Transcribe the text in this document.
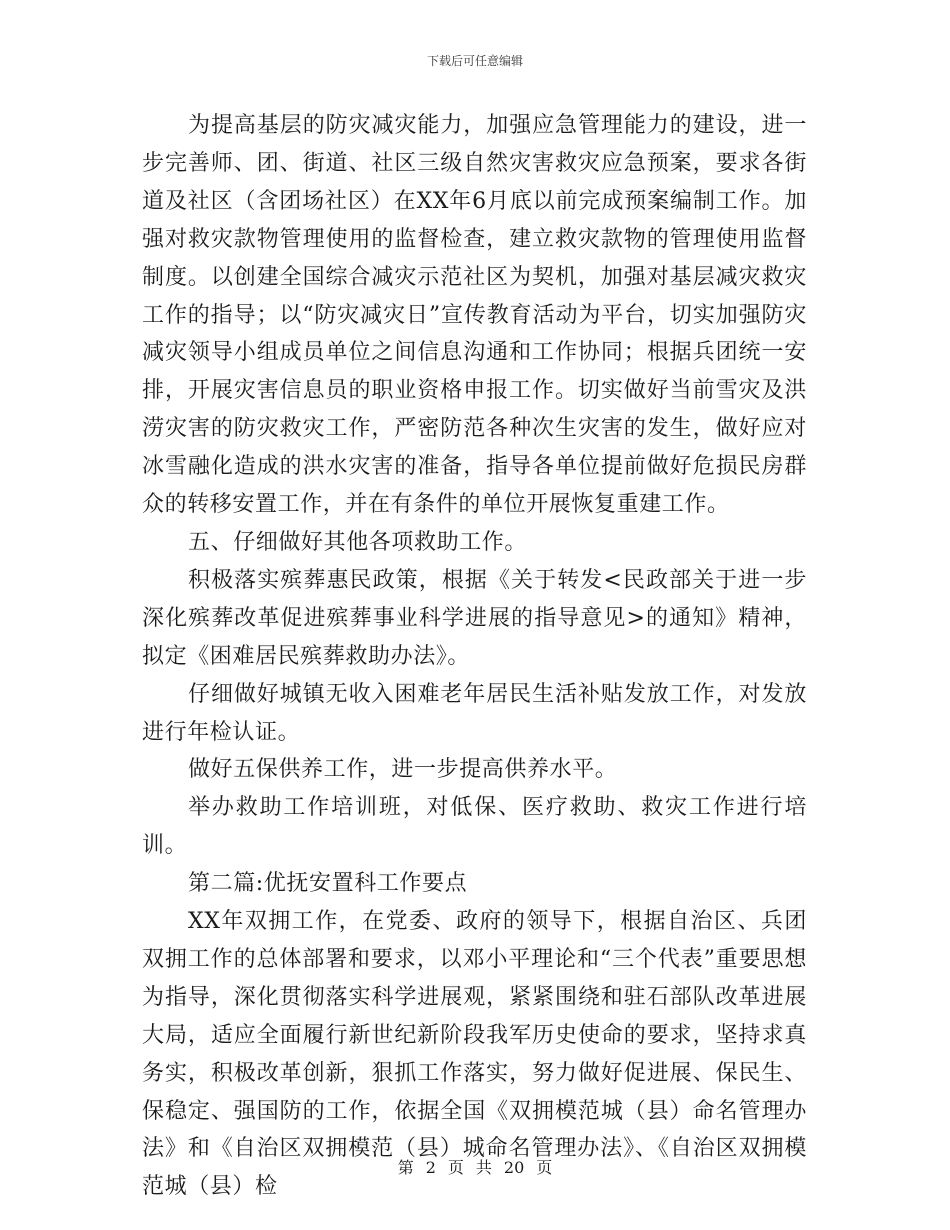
下载后可任意编辑

为提高基层的防灾减灾能力，加强应急管理能力的建设，进一步完善师、团、街道、社区三级自然灾害救灾应急预案，要求各街道及社区（含团场社区）在XX年6月底以前完成预案编制工作。加强对救灾款物管理使用的监督检查，建立救灾款物的管理使用监督制度。以创建全国综合减灾示范社区为契机，加强对基层减灾救灾工作的指导；以“防灾减灾日”宣传教育活动为平台，切实加强防灾减灾领导小组成员单位之间信息沟通和工作协同；根据兵团统一安排，开展灾害信息员的职业资格申报工作。切实做好当前雪灾及洪涝灾害的防灾救灾工作，严密防范各种次生灾害的发生，做好应对冰雪融化造成的洪水灾害的准备，指导各单位提前做好危损民房群众的转移安置工作，并在有条件的单位开展恢复重建工作。

五、仔细做好其他各项救助工作。

积极落实殡葬惠民政策，根据《关于转发<民政部关于进一步深化殡葬改革促进殡葬事业科学进展的指导意见>的通知》精神，拟定《困难居民殡葬救助办法》。

仔细做好城镇无收入困难老年居民生活补贴发放工作，对发放进行年检认证。

做好五保供养工作，进一步提高供养水平。

举办救助工作培训班，对低保、医疗救助、救灾工作进行培训。

第二篇:优抚安置科工作要点

XX年双拥工作，在党委、政府的领导下，根据自治区、兵团双拥工作的总体部署和要求，以邓小平理论和“三个代表”重要思想为指导，深化贯彻落实科学进展观，紧紧围绕和驻石部队改革进展大局，适应全面履行新世纪新阶段我军历史使命的要求，坚持求真务实，积极改革创新，狠抓工作落实，努力做好促进展、保民生、保稳定、强国防的工作，依据全国《双拥模范城（县）命名管理办法》和《自治区双拥模范（县）城命名管理办法》、《自治区双拥模范城（县）检

第 2 页 共 20 页
